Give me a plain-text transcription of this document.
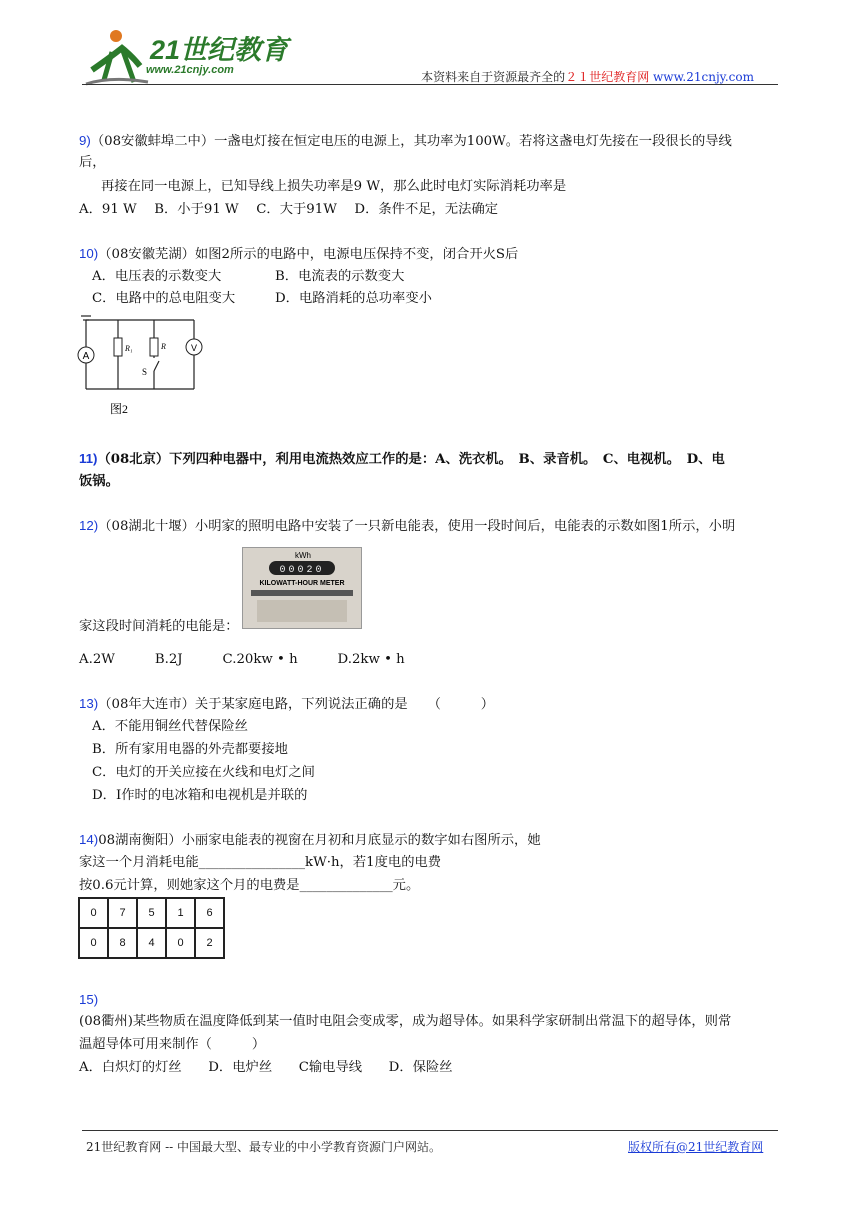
21世纪教育
www.21cnjy.com	本资料来自于资源最齐全的２１世纪教育网 www.21cnjy.com
9)（08安徽蚌埠二中）一盏电灯接在恒定电压的电源上，其功率为100W。若将这盏电灯先接在一段很长的导线
后，
再接在同一电源上，已知导线上损失功率是9 W，那么此时电灯实际消耗功率是
A．91 W　 B．小于91 W　 C．大于91W　 D．条件不足，无法确定
10)（08安徽芜湖）如图2所示的电路中，电源电压保持不变，闭合开火S后
A．电压表的示数变大	B．电流表的示数变大
C．电路中的总电阻变大	D．电路消耗的总功率变小
A
V
R₁	R
S
图2
11)（08北京）下列四种电器中，利用电流热效应工作的是：A、洗衣机。　B、录音机。　C、电视机。　D、电
饭锅。
12)（08湖北十堰）小明家的照明电路中安装了一只新电能表，使用一段时间后，电能表的示数如图1所示，小明
kWh
00020
KILOWATT-HOUR METER
家这段时间消耗的电能是：
A.2W　　　B.2J　　　C.20kw • h　　　D.2kw • h
13)（08年大连市）关于某家庭电路，下列说法正确的是　　（　　　）
A．不能用铜丝代替保险丝
B．所有家用电器的外壳都要接地
C．电灯的开关应接在火线和电灯之间
D．I作时的电冰箱和电视机是并联的
14)08湖南衡阳）小丽家电能表的视窗在月初和月底显示的数字如右图所示，她
家这一个月消耗电能________________kW·h，若1度电的电费
按0.6元计算，则她家这个月的电费是______________元。
0	7	5	1	6
0	8	4	0	2
15)
(08衢州)某些物质在温度降低到某一值时电阻会变成零，成为超导体。如果科学家研制出常温下的超导体，则常
温超导体可用来制作（　　　）
A．白炽灯的灯丝　　D．电炉丝　　C输电导线　　D．保险丝
21世纪教育网 -- 中国最大型、最专业的中小学教育资源门户网站。	版权所有@21世纪教育网
